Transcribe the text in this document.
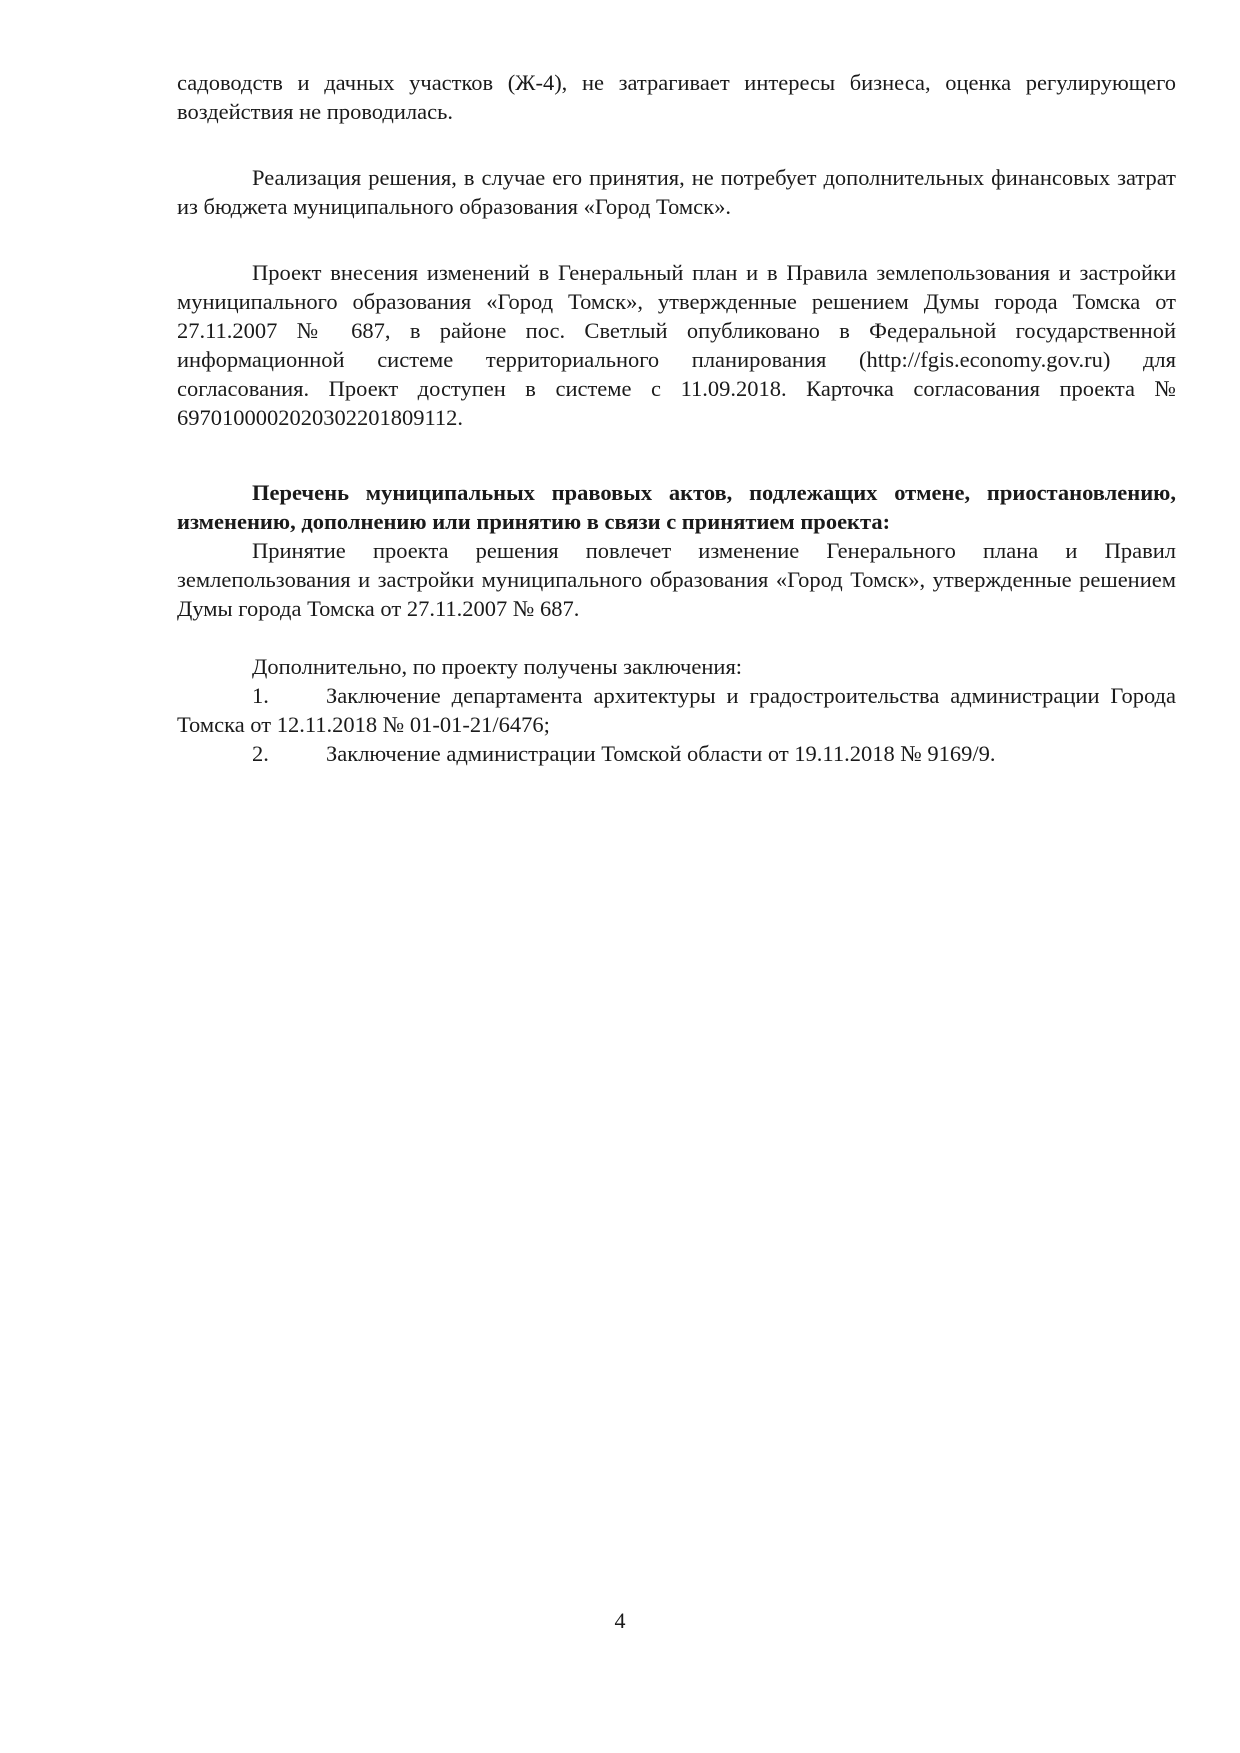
садоводств и дачных участков (Ж-4), не затрагивает интересы бизнеса, оценка регулирующего воздействия не проводилась.

Реализация решения, в случае его принятия, не потребует дополнительных финансовых затрат из бюджета муниципального образования «Город Томск».

Проект внесения изменений в Генеральный план и в Правила землепользования и застройки муниципального образования «Город Томск», утвержденные решением Думы города Томска от 27.11.2007 № 687, в районе пос. Светлый опубликовано в Федеральной государственной информационной системе территориального планирования (http://fgis.economy.gov.ru) для согласования. Проект доступен в системе с 11.09.2018. Карточка согласования проекта № 69701000020203022018091​12.

Перечень муниципальных правовых актов, подлежащих отмене, приостановлению, изменению, дополнению или принятию в связи с принятием проекта:

Принятие проекта решения повлечет изменение Генерального плана и Правил землепользования и застройки муниципального образования «Город Томск», утвержденные решением Думы города Томска от 27.11.2007 № 687.

Дополнительно, по проекту получены заключения:

1.	Заключение департамента архитектуры и градостроительства администрации Города Томска от 12.11.2018 № 01-01-21/6476;

2.	Заключение администрации Томской области от 19.11.2018 № 9169/9.

4
